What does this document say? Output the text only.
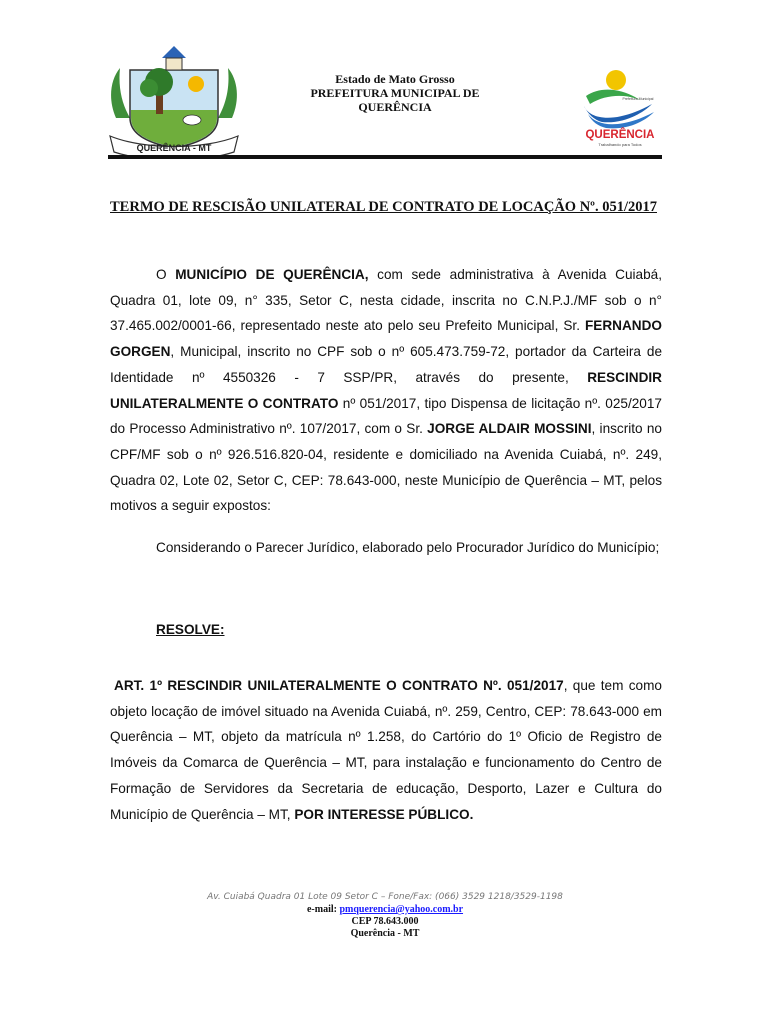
QUERÊNCIA - MT
Estado de Mato Grosso
PREFEITURA MUNICIPAL DE
QUERÊNCIA
Prefeitura Municipal
QUERÊNCIA
Trabalhando para Todos
TERMO DE RESCISÃO UNILATERAL DE CONTRATO DE LOCAÇÃO Nº. 051/2017
O MUNICÍPIO DE QUERÊNCIA, com sede administrativa à Avenida Cuiabá, Quadra 01, lote 09, n° 335, Setor C, nesta cidade, inscrita no C.N.P.J./MF sob o n° 37.465.002/0001-66, representado neste ato pelo seu Prefeito Municipal, Sr. FERNANDO GORGEN, Municipal, inscrito no CPF sob o nº 605.473.759-72, portador da Carteira de Identidade nº 4550326 - 7 SSP/PR, através do presente, RESCINDIR UNILATERALMENTE O CONTRATO nº 051/2017, tipo Dispensa de licitação nº. 025/2017 do Processo Administrativo nº. 107/2017, com o Sr. JORGE ALDAIR MOSSINI, inscrito no CPF/MF sob o nº 926.516.820-04, residente e domiciliado na Avenida Cuiabá, nº. 249, Quadra 02, Lote 02, Setor C, CEP: 78.643-000, neste Município de Querência – MT, pelos motivos a seguir expostos:
Considerando o Parecer Jurídico, elaborado pelo Procurador Jurídico do Município;
RESOLVE:
ART. 1º RESCINDIR UNILATERALMENTE O CONTRATO Nº. 051/2017, que tem como objeto locação de imóvel situado na Avenida Cuiabá, nº. 259, Centro, CEP: 78.643-000 em Querência – MT, objeto da matrícula nº 1.258, do Cartório do 1º Oficio de Registro de Imóveis da Comarca de Querência – MT, para instalação e funcionamento do Centro de Formação de Servidores da Secretaria de educação, Desporto, Lazer e Cultura do Município de Querência – MT, POR INTERESSE PÚBLICO.
Av. Cuiabá Quadra 01 Lote 09 Setor C – Fone/Fax: (066) 3529 1218/3529-1198
e-mail: pmquerencia@yahoo.com.br
CEP 78.643.000
Querência - MT
